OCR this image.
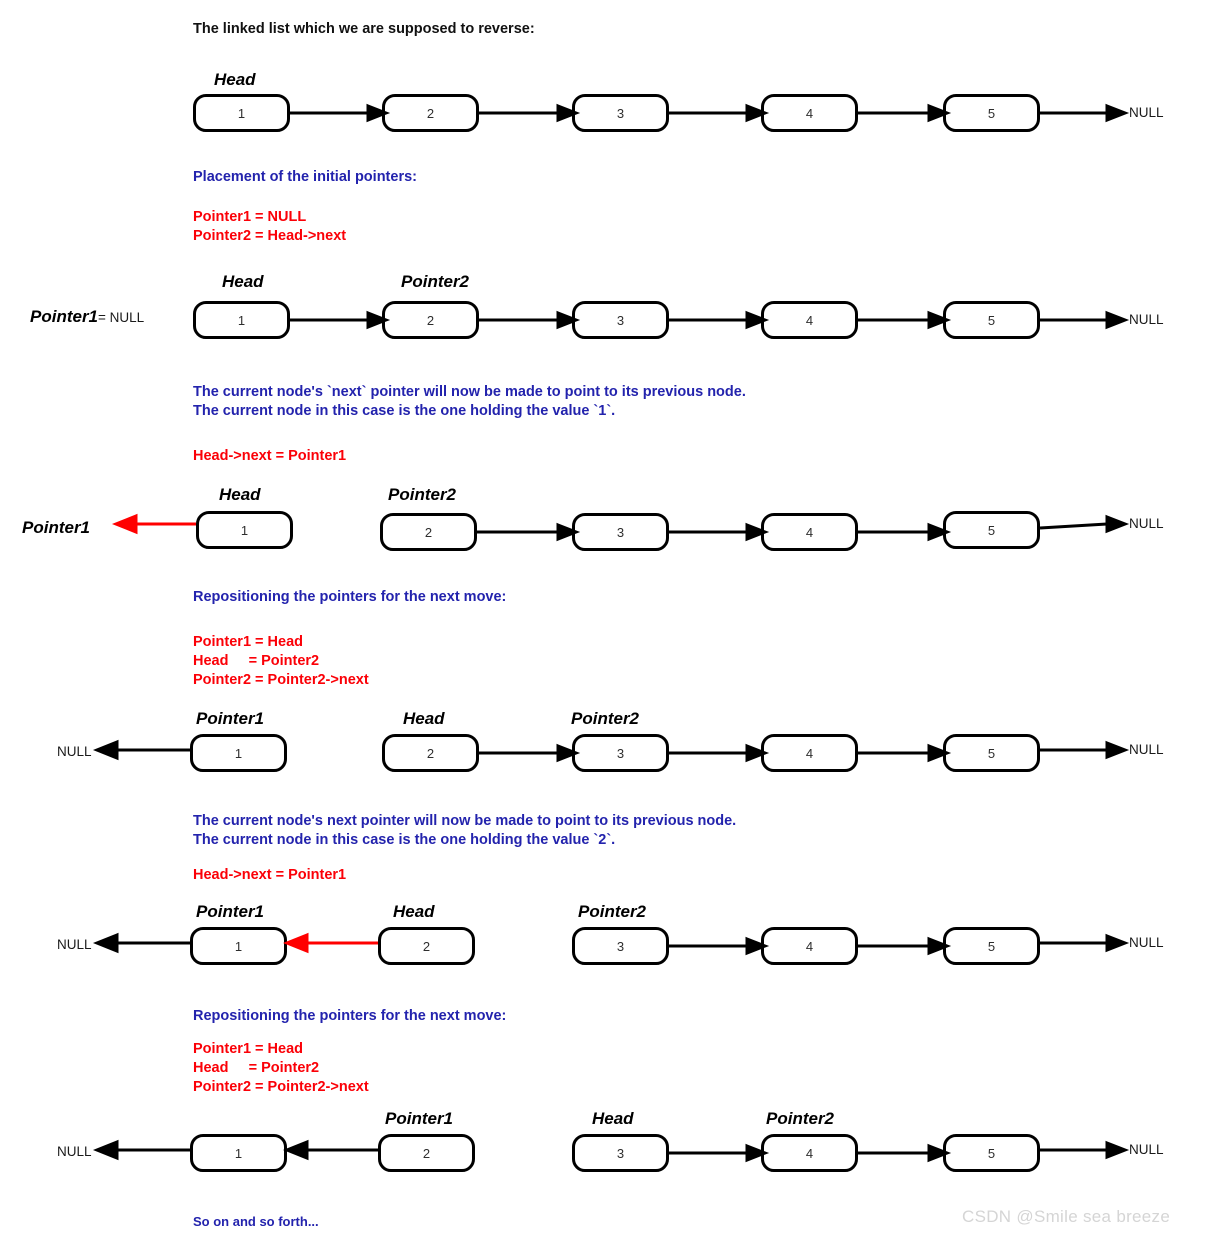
The linked list which we are supposed to reverse:
Head
1	2	3	4	5	NULL
Placement of the initial pointers:
Pointer1 = NULL
Pointer2 = Head->next
Pointer1= NULL
Head	Pointer2
1	2	3	4	5	NULL
The current node's `next` pointer will now be made to point to its previous node.
The current node in this case is the one holding the value `1`.
Head->next = Pointer1
Pointer1
Head	Pointer2
1	2	3	4	5	NULL
Repositioning the pointers for the next move:
Pointer1 = Head
Head     = Pointer2
Pointer2 = Pointer2->next
NULL
Pointer1	Head	Pointer2
1	2	3	4	5	NULL
The current node's next pointer will now be made to point to its previous node.
The current node in this case is the one holding the value `2`.
Head->next = Pointer1
NULL
Pointer1	Head	Pointer2
1	2	3	4	5	NULL
Repositioning the pointers for the next move:
Pointer1 = Head
Head     = Pointer2
Pointer2 = Pointer2->next
NULL
Pointer1	Head	Pointer2
1	2	3	4	5	NULL
So on and so forth...	CSDN @Smile sea breeze
